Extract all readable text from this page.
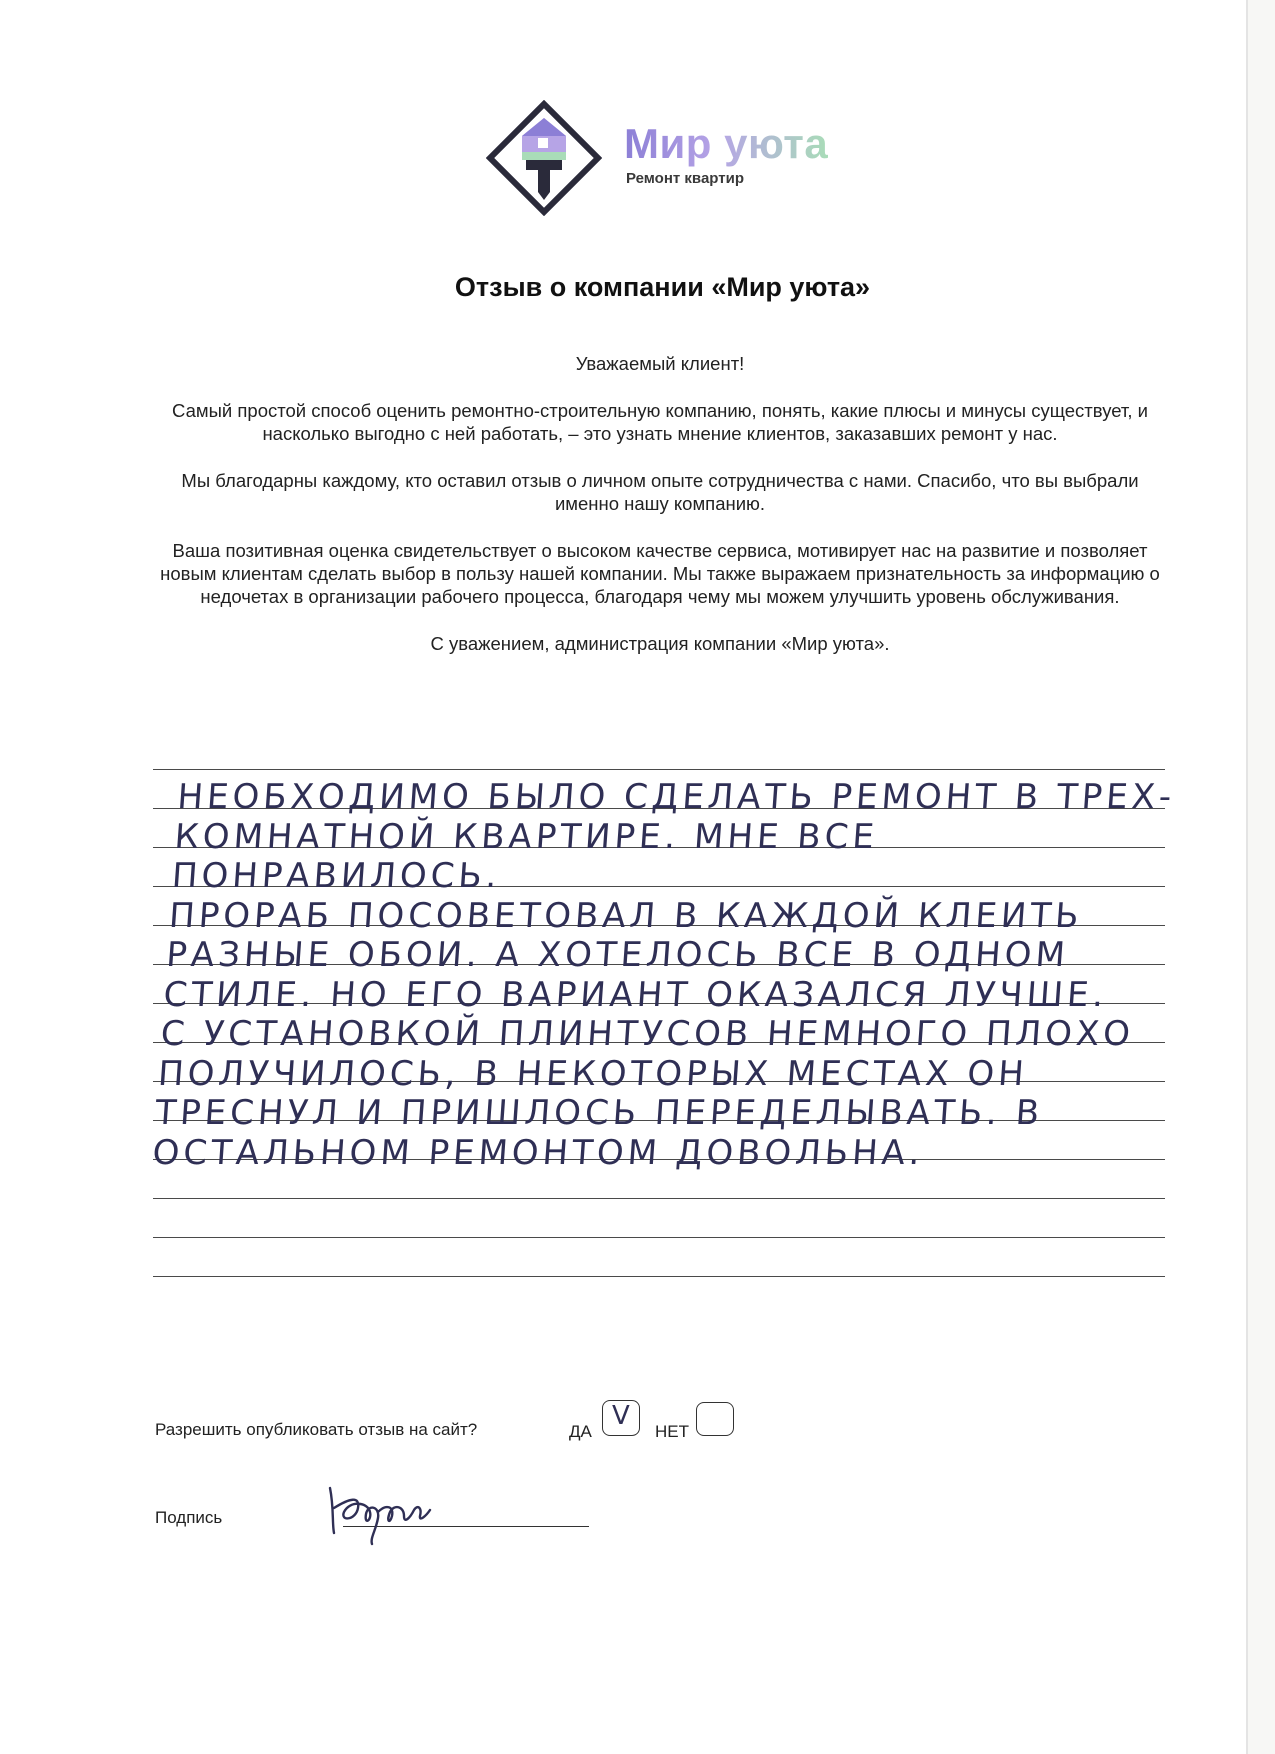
Мир уюта
Ремонт квартир
Отзыв о компании «Мир уюта»

Уважаемый клиент!

Самый простой способ оценить ремонтно-строительную компанию, понять, какие плюсы и минусы существует, и насколько выгодно с ней работать, – это узнать мнение клиентов, заказавших ремонт у нас.

Мы благодарны каждому, кто оставил отзыв о личном опыте сотрудничества с нами. Спасибо, что вы выбрали именно нашу компанию.

Ваша позитивная оценка свидетельствует о высоком качестве сервиса, мотивирует нас на развитие и позволяет новым клиентам сделать выбор в пользу нашей компании. Мы также выражаем признательность за информацию о недочетах в организации рабочего процесса, благодаря чему мы можем улучшить уровень обслуживания.

С уважением, администрация компании «Мир уюта».

НЕОБХОДИМО БЫЛО СДЕЛАТЬ РЕМОНТ В ТРЕХ-
КОМНАТНОЙ КВАРТИРЕ. МНЕ ВСЕ ПОНРАВИЛОСЬ.
ПРОРАБ ПОСОВЕТОВАЛ В КАЖДОЙ КЛЕИТЬ
РАЗНЫЕ ОБОИ. А ХОТЕЛОСЬ ВСЕ В ОДНОМ
СТИЛЕ. НО ЕГО ВАРИАНТ ОКАЗАЛСЯ ЛУЧШЕ.
С УСТАНОВКОЙ ПЛИНТУСОВ НЕМНОГО ПЛОХО
ПОЛУЧИЛОСЬ, В НЕКОТОРЫХ МЕСТАХ ОН
ТРЕСНУЛ И ПРИШЛОСЬ ПЕРЕДЕЛЫВАТЬ. В
ОСТАЛЬНОМ РЕМОНТОМ ДОВОЛЬНА.
Разрешить опубликовать отзыв на сайт?	ДА
V
НЕТ
Подпись
